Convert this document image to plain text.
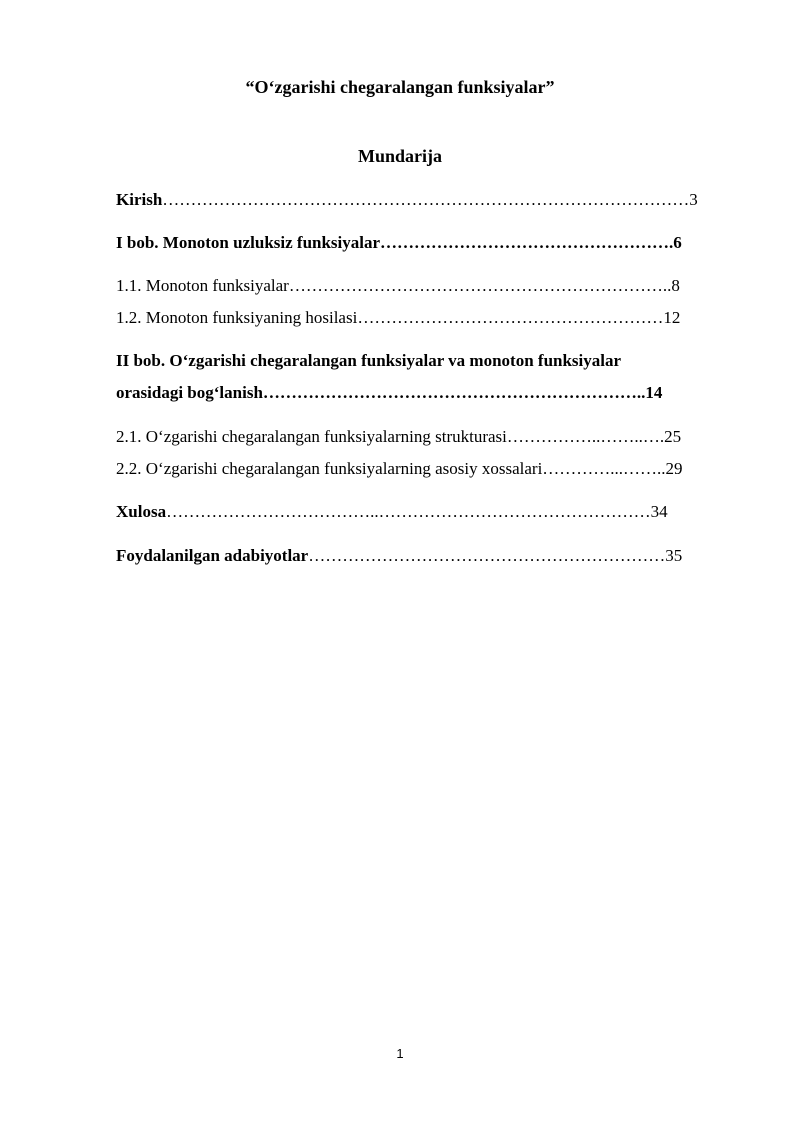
“O‘zgarishi chegaralangan funksiyalar”
Mundarija
Kirish…………………………………………………………………………………3
I bob. Monoton uzluksiz funksiyalar…………………………………………….6
1.1. Monoton funksiyalar…………………………………………………………..8
1.2. Monoton funksiyaning hosilasi………………………………………………12
II bob. O‘zgarishi chegaralangan funksiyalar va monoton funksiyalar
orasidagi bog‘lanish…………………………………………………………..14
2.1. O‘zgarishi chegaralangan funksiyalarning strukturasi……………..……..….25
2.2. O‘zgarishi chegaralangan funksiyalarning asosiy xossalari…………...……..29
Xulosa………………………………..…………………………………………34
Foydalanilgan adabiyotlar………………………………………………………35
1
